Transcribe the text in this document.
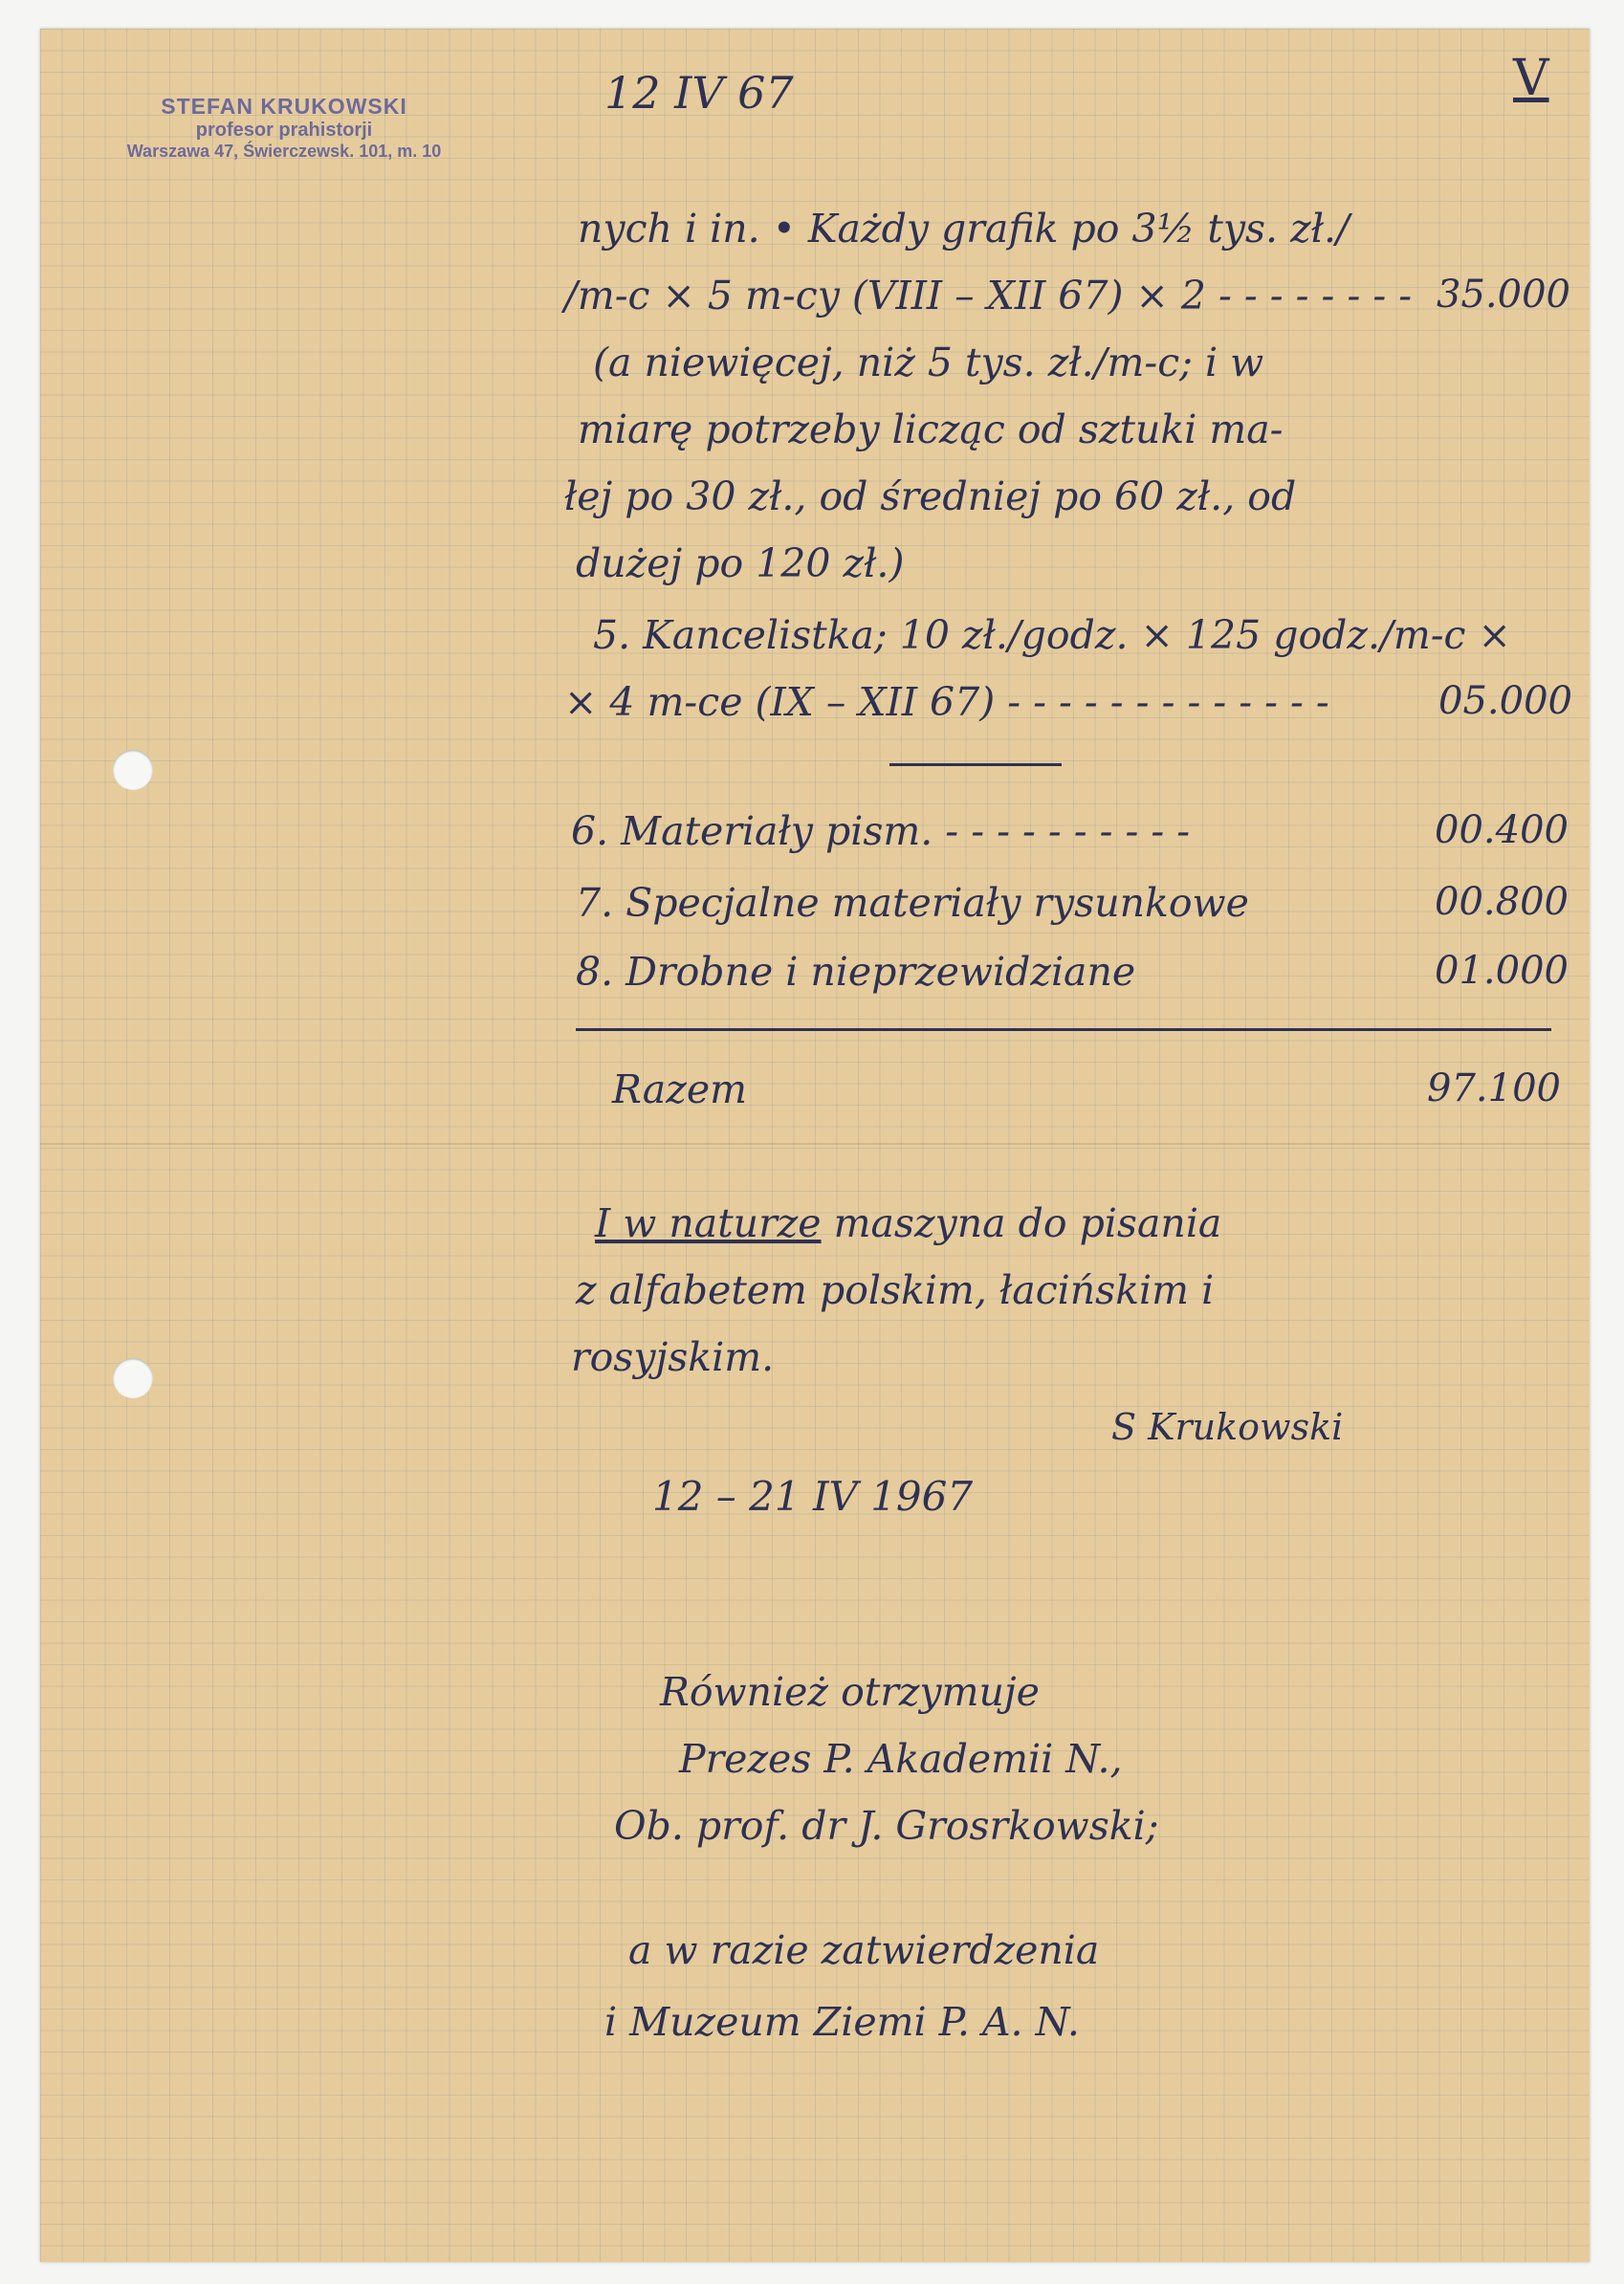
STEFAN KRUKOWSKI
profesor prahistorji
Warszawa 47, Świerczewsk. 101, m. 10
12 IV 67	V
nych i in. • Każdy grafik po 3½ tys. zł./
/m-c × 5 m-cy (VIII – XII 67) × 2 - - - - - - - - 35.000
(a niewięcej, niż 5 tys. zł./m-c; i w
miarę potrzeby licząc od sztuki ma-
łej po 30 zł., od średniej po 60 zł., od
dużej po 120 zł.)
5. Kancelistka; 10 zł./godz. × 125 godz./m-c ×
× 4 m-ce (IX – XII 67) - - - - - - - - - - - - -	05.000
6. Materiały pism. - - - - - - - - - -	00.400
7. Specjalne materiały rysunkowe	00.800
8. Drobne i nieprzewidziane	01.000
Razem	97.100
I w naturze maszyna do pisania
z alfabetem polskim, łacińskim i
rosyjskim.
S Krukowski
12 – 21 IV 1967
Również otrzymuje
Prezes P. Akademii N.,
Ob. prof. dr J. Grosrkowski;
a w razie zatwierdzenia
i Muzeum Ziemi P. A. N.
